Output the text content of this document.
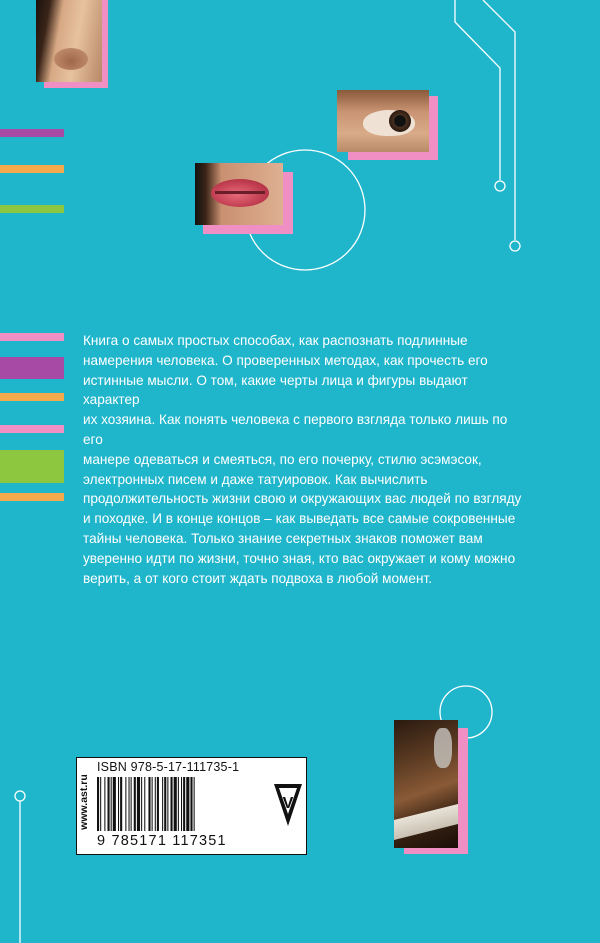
Книга о самых простых способах, как распознать подлинные
намерения человека. О проверенных методах, как прочесть его
истинные мысли. О том, какие черты лица и фигуры выдают характер
их хозяина. Как понять человека с первого взгляда только лишь по его
манере одеваться и смеяться, по его почерку, стилю эсэмэсок,
электронных писем и даже татуировок. Как вычислить
продолжительность жизни свою и окружающих вас людей по взгляду
и походке. И в конце концов – как выведать все самые сокровенные
тайны человека. Только знание секретных знаков поможет вам
уверенно идти по жизни, точно зная, кто вас окружает и кому можно
верить, а от кого стоит ждать подвоха в любой момент.
www.ast.ru
ISBN 978-5-17-111735-1
9 785171 117351
V
